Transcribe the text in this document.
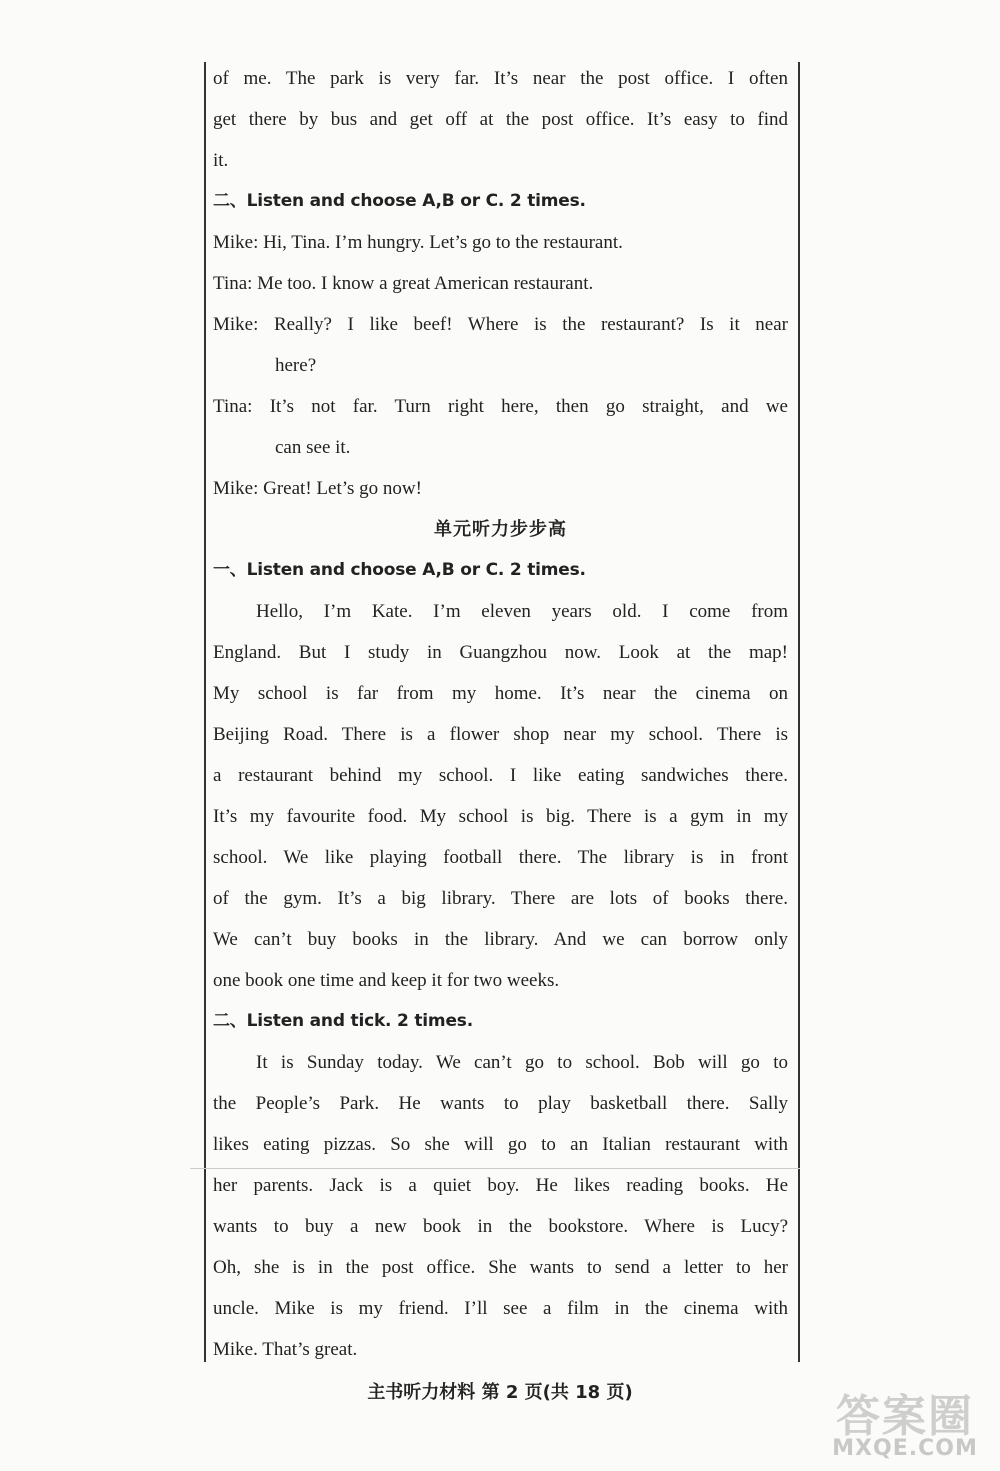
of me. The park is very far. It’s near the post office. I often
get there by bus and get off at the post office. It’s easy to find
it.
二、Listen and choose A,B or C. 2 times.
Mike: Hi, Tina. I’m hungry. Let’s go to the restaurant.
Tina: Me too. I know a great American restaurant.
Mike: Really? I like beef! Where is the restaurant? Is it near
here?
Tina: It’s not far. Turn right here, then go straight, and we
can see it.
Mike: Great! Let’s go now!
单元听力步步高
一、Listen and choose A,B or C. 2 times.
Hello, I’m Kate. I’m eleven years old. I come from
England. But I study in Guangzhou now. Look at the map!
My school is far from my home. It’s near the cinema on
Beijing Road. There is a flower shop near my school. There is
a restaurant behind my school. I like eating sandwiches there.
It’s my favourite food. My school is big. There is a gym in my
school. We like playing football there. The library is in front
of the gym. It’s a big library. There are lots of books there.
We can’t buy books in the library. And we can borrow only
one book one time and keep it for two weeks.
二、Listen and tick. 2 times.
It is Sunday today. We can’t go to school. Bob will go to
the People’s Park. He wants to play basketball there. Sally
likes eating pizzas. So she will go to an Italian restaurant with
her parents. Jack is a quiet boy. He likes reading books. He
wants to buy a new book in the bookstore. Where is Lucy?
Oh, she is in the post office. She wants to send a letter to her
uncle. Mike is my friend. I’ll see a film in the cinema with
Mike. That’s great.
主书听力材料 第 2 页(共 18 页)	答案圈
MXQE.COM
